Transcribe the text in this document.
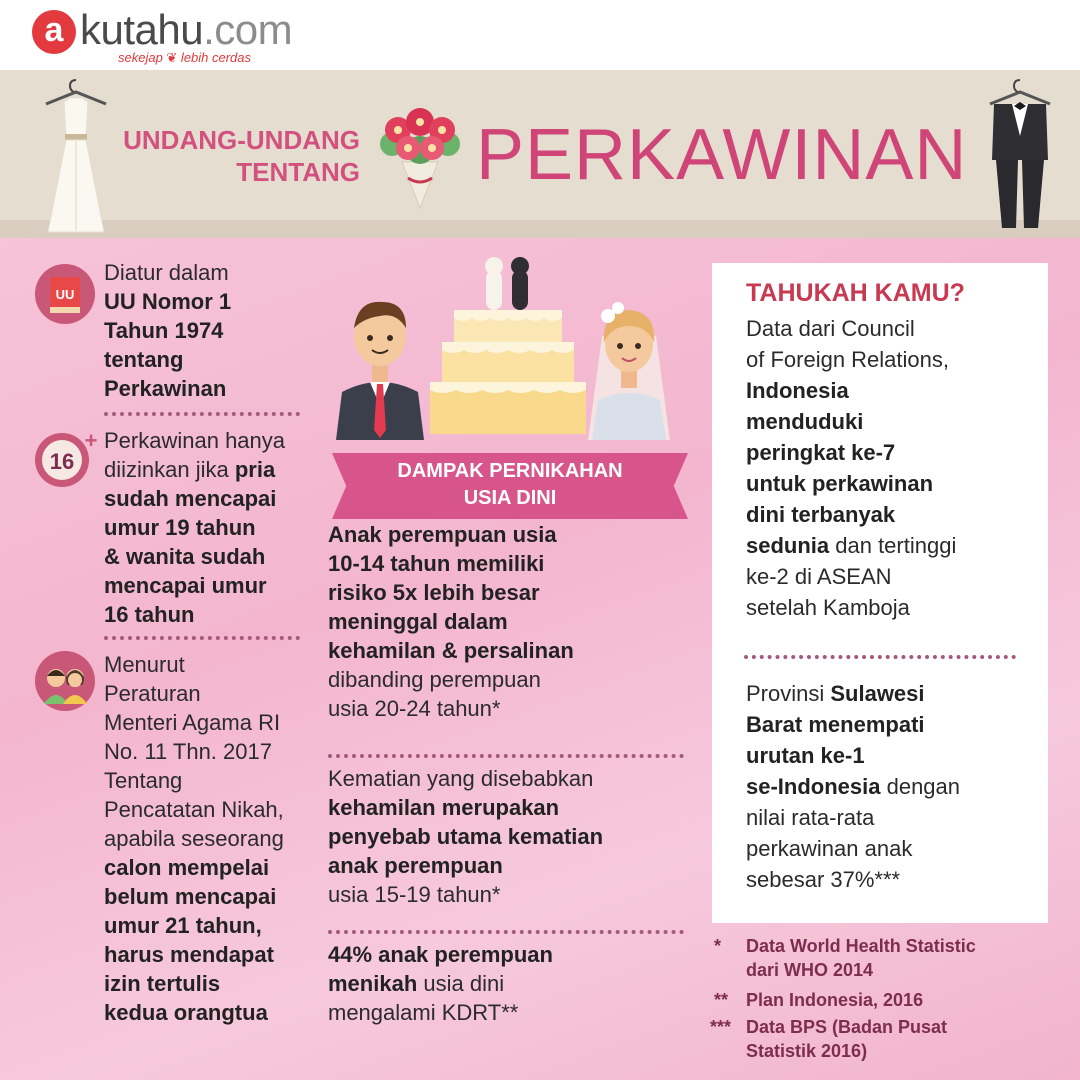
a kutahu.com
sekejap ❦ lebih cerdas
UNDANG-UNDANG
TENTANG PERKAWINAN
UU
Diatur dalam
UU Nomor 1
Tahun 1974
tentang
Perkawinan
16
+ Perkawinan hanya
diizinkan jika pria
sudah mencapai
umur 19 tahun
& wanita sudah
mencapai umur
16 tahun
Menurut
Peraturan
Menteri Agama RI
No. 11 Thn. 2017
Tentang
Pencatatan Nikah,
apabila seseorang
calon mempelai
belum mencapai
umur 21 tahun,
harus mendapat
izin tertulis
kedua orangtua
DAMPAK PERNIKAHAN
USIA DINI
Anak perempuan usia
10-14 tahun memiliki
risiko 5x lebih besar
meninggal dalam
kehamilan & persalinan
dibanding perempuan
usia 20-24 tahun*
Kematian yang disebabkan
kehamilan merupakan
penyebab utama kematian
anak perempuan
usia 15-19 tahun*
44% anak perempuan
menikah usia dini
mengalami KDRT**
TAHUKAH KAMU?
Data dari Council
of Foreign Relations,
Indonesia
menduduki
peringkat ke-7
untuk perkawinan
dini terbanyak
sedunia dan tertinggi
ke-2 di ASEAN
setelah Kamboja
Provinsi Sulawesi
Barat menempati
urutan ke-1
se-Indonesia dengan
nilai rata-rata
perkawinan anak
sebesar 37%***
* Data World Health Statistic
dari WHO 2014
** Plan Indonesia, 2016
*** Data BPS (Badan Pusat
Statistik 2016)
